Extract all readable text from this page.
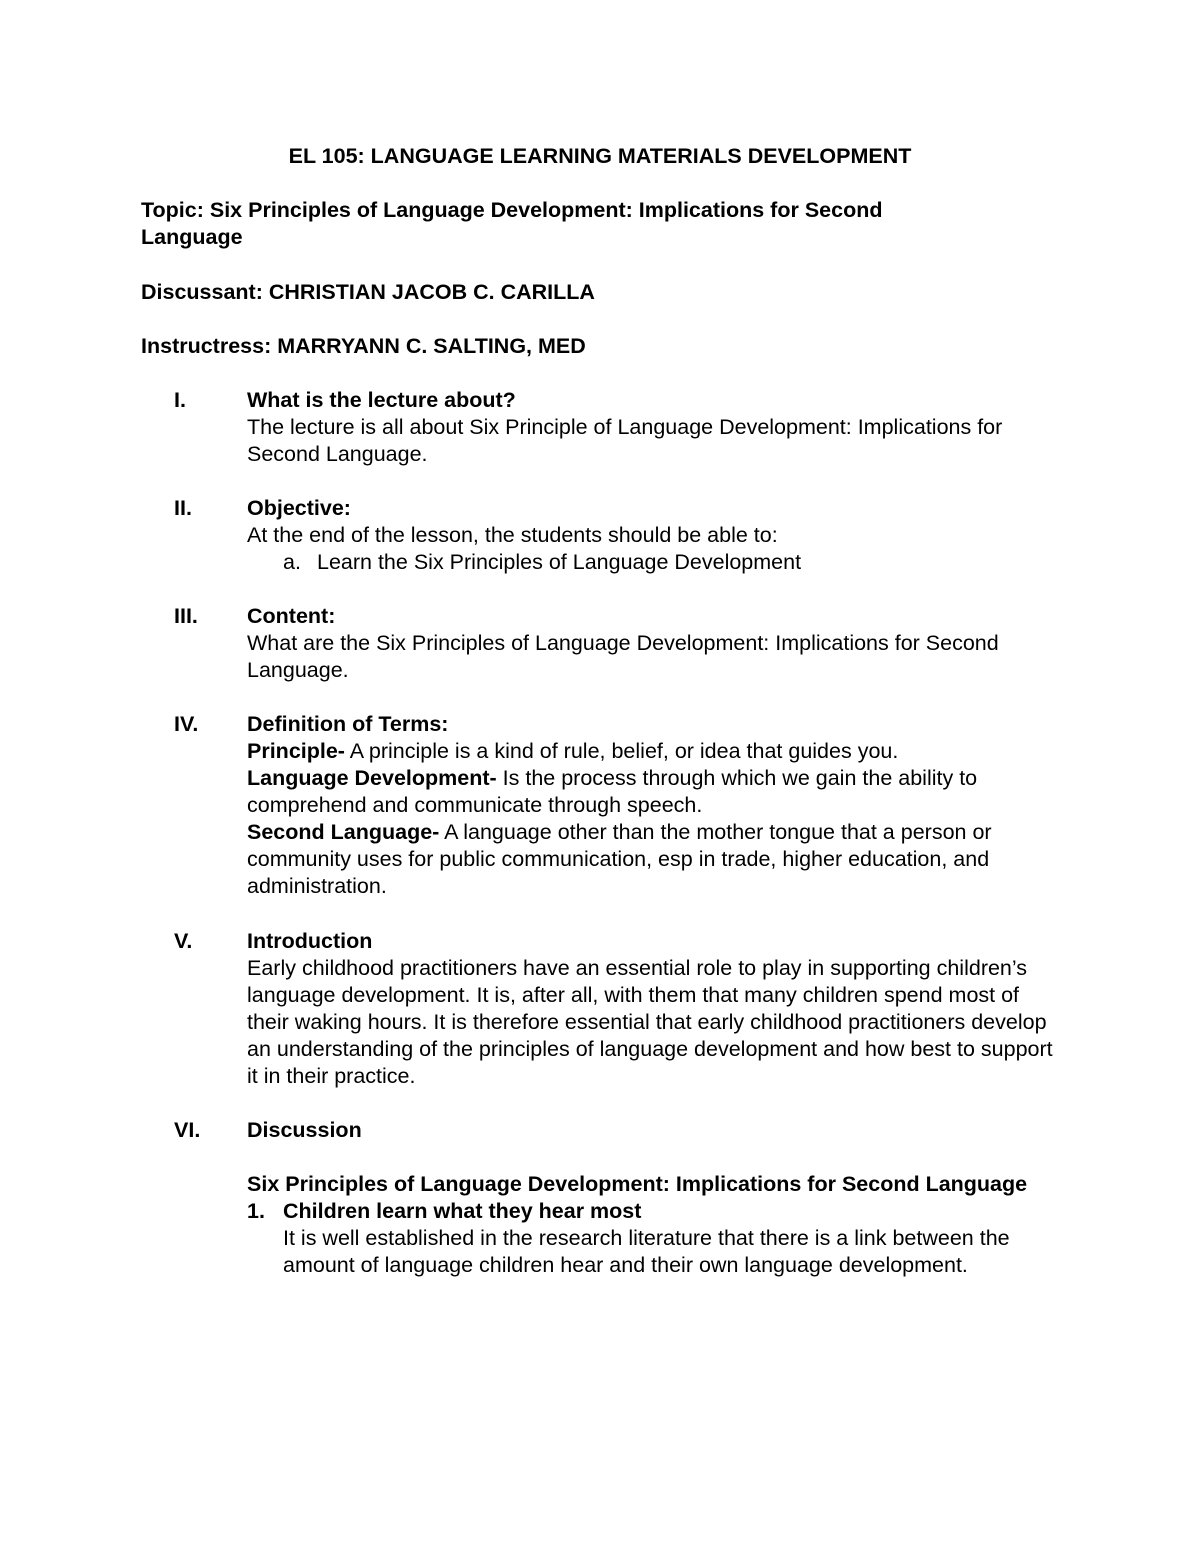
EL 105: LANGUAGE LEARNING MATERIALS DEVELOPMENT

Topic: Six Principles of Language Development: Implications for Second
Language

Discussant: CHRISTIAN JACOB C. CARILLA

Instructress: MARRYANN C. SALTING, MED

I.	What is the lecture about?
The lecture is all about Six Principle of Language Development: Implications for Second Language.
II.	Objective:
At the end of the lesson, the students should be able to:
a. Learn the Six Principles of Language Development
III. Content:
What are the Six Principles of Language Development: Implications for Second Language.
IV. Definition of Terms:
Principle- A principle is a kind of rule, belief, or idea that guides you.
Language Development- Is the process through which we gain the ability to comprehend and communicate through speech.
Second Language- A language other than the mother tongue that a person or community uses for public communication, esp in trade, higher education, and administration.
V.	Introduction
Early childhood practitioners have an essential role to play in supporting children’s language development. It is, after all, with them that many children spend most of their waking hours. It is therefore essential that early childhood practitioners develop an understanding of the principles of language development and how best to support it in their practice.
VI. Discussion
Six Principles of Language Development: Implications for Second Language
1. Children learn what they hear most
It is well established in the research literature that there is a link between the amount of language children hear and their own language development.
